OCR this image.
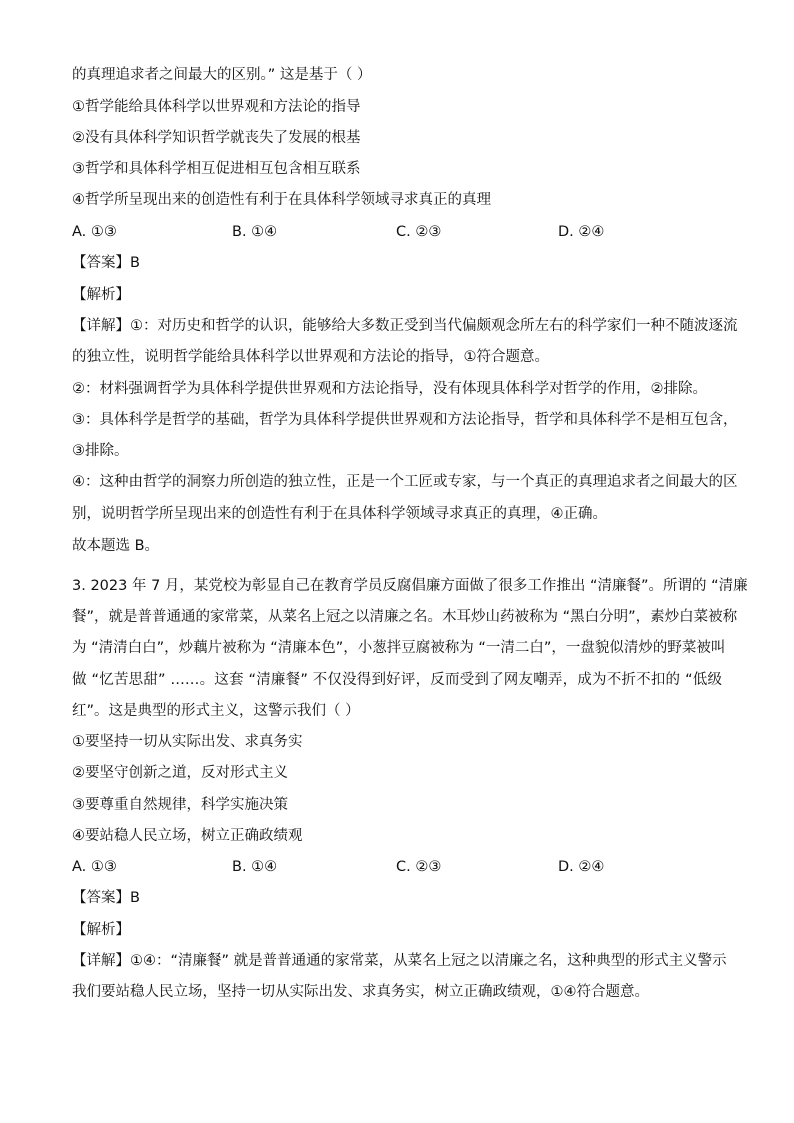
的真理追求者之间最大的区别。” 这是基于（ ）
①哲学能给具体科学以世界观和方法论的指导
②没有具体科学知识哲学就丧失了发展的根基
③哲学和具体科学相互促进相互包含相互联系
④哲学所呈现出来的创造性有利于在具体科学领域寻求真正的真理
A. ①③	B. ①④	C. ②③	D. ②④
【答案】B
【解析】
【详解】①：对历史和哲学的认识，能够给大多数正受到当代偏颇观念所左右的科学家们一种不随波逐流
的独立性，说明哲学能给具体科学以世界观和方法论的指导，①符合题意。
②：材料强调哲学为具体科学提供世界观和方法论指导，没有体现具体科学对哲学的作用，②排除。
③：具体科学是哲学的基础，哲学为具体科学提供世界观和方法论指导，哲学和具体科学不是相互包含，
③排除。
④：这种由哲学的洞察力所创造的独立性，正是一个工匠或专家，与一个真正的真理追求者之间最大的区
别，说明哲学所呈现出来的创造性有利于在具体科学领域寻求真正的真理，④正确。
故本题选 B。
3. 2023 年 7 月，某党校为彰显自己在教育学员反腐倡廉方面做了很多工作推出 “清廉餐”。所谓的 “清廉
餐”，就是普普通通的家常菜，从菜名上冠之以清廉之名。木耳炒山药被称为 “黑白分明”，素炒白菜被称
为 “清清白白”，炒藕片被称为 “清廉本色”，小葱拌豆腐被称为 “一清二白”，一盘貌似清炒的野菜被叫
做 “忆苦思甜” ……。这套 “清廉餐” 不仅没得到好评，反而受到了网友嘲弄，成为不折不扣的 “低级
红”。这是典型的形式主义，这警示我们（ ）
①要坚持一切从实际出发、求真务实
②要坚守创新之道，反对形式主义
③要尊重自然规律，科学实施决策
④要站稳人民立场，树立正确政绩观
A. ①③	B. ①④	C. ②③	D. ②④
【答案】B
【解析】
【详解】①④：“清廉餐” 就是普普通通的家常菜，从菜名上冠之以清廉之名，这种典型的形式主义警示
我们要站稳人民立场，坚持一切从实际出发、求真务实，树立正确政绩观，①④符合题意。
